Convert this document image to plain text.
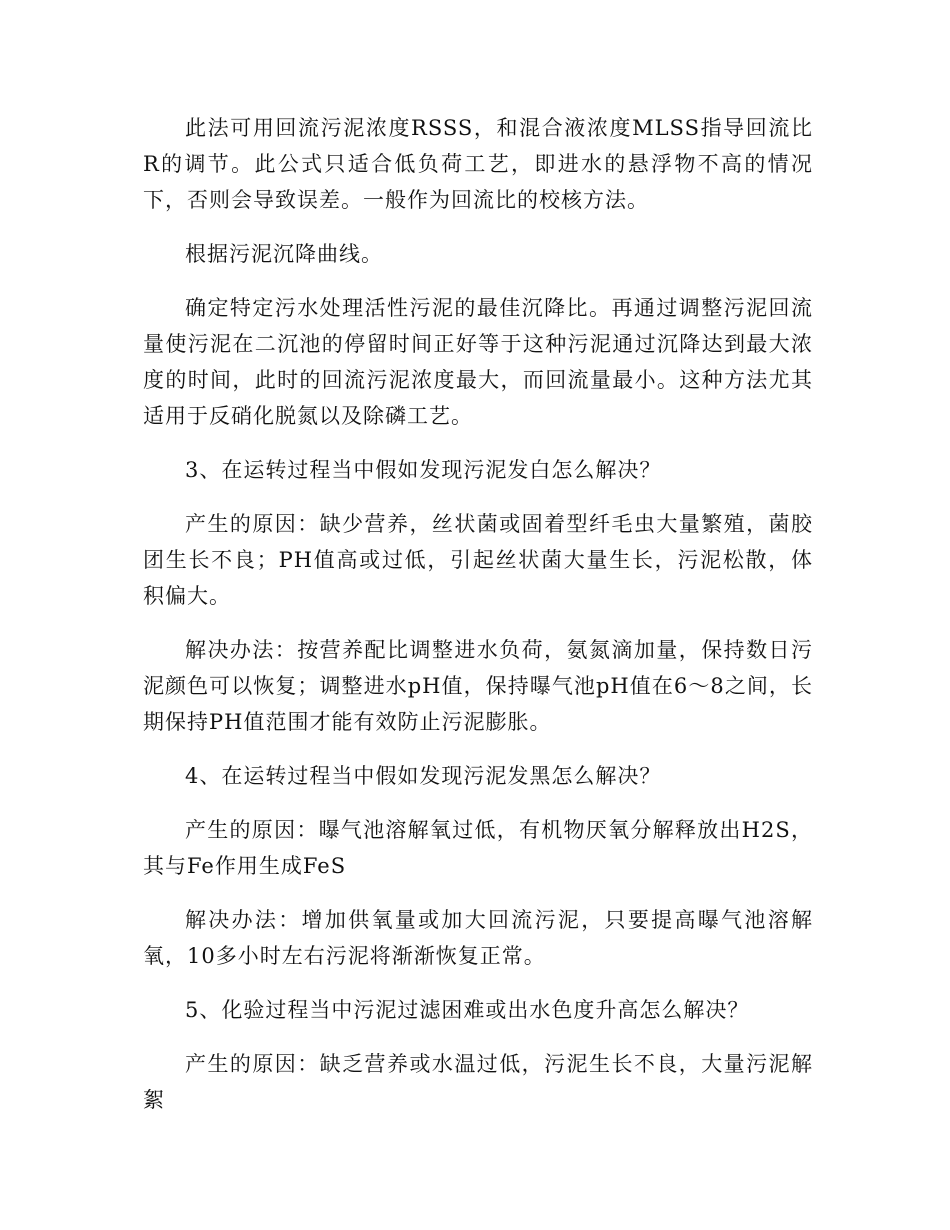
此法可用回流污泥浓度RSSS，和混合液浓度MLSS指导回流比R的调节。此公式只适合低负荷工艺，即进水的悬浮物不高的情况下，否则会导致误差。一般作为回流比的校核方法。

根据污泥沉降曲线。

确定特定污水处理活性污泥的最佳沉降比。再通过调整污泥回流量使污泥在二沉池的停留时间正好等于这种污泥通过沉降达到最大浓度的时间，此时的回流污泥浓度最大，而回流量最小。这种方法尤其适用于反硝化脱氮以及除磷工艺。

3、在运转过程当中假如发现污泥发白怎么解决？

产生的原因：缺少营养，丝状菌或固着型纤毛虫大量繁殖，菌胶团生长不良；PH值高或过低，引起丝状菌大量生长，污泥松散，体积偏大。

解决办法：按营养配比调整进水负荷，氨氮滴加量，保持数日污泥颜色可以恢复；调整进水pH值，保持曝气池pH值在6～8之间，长期保持PH值范围才能有效防止污泥膨胀。

4、在运转过程当中假如发现污泥发黑怎么解决？

产生的原因：曝气池溶解氧过低，有机物厌氧分解释放出H2S，其与Fe作用生成FeS

解决办法：增加供氧量或加大回流污泥，只要提高曝气池溶解氧，10多小时左右污泥将渐渐恢复正常。

5、化验过程当中污泥过滤困难或出水色度升高怎么解决？

产生的原因：缺乏营养或水温过低，污泥生长不良，大量污泥解絮
